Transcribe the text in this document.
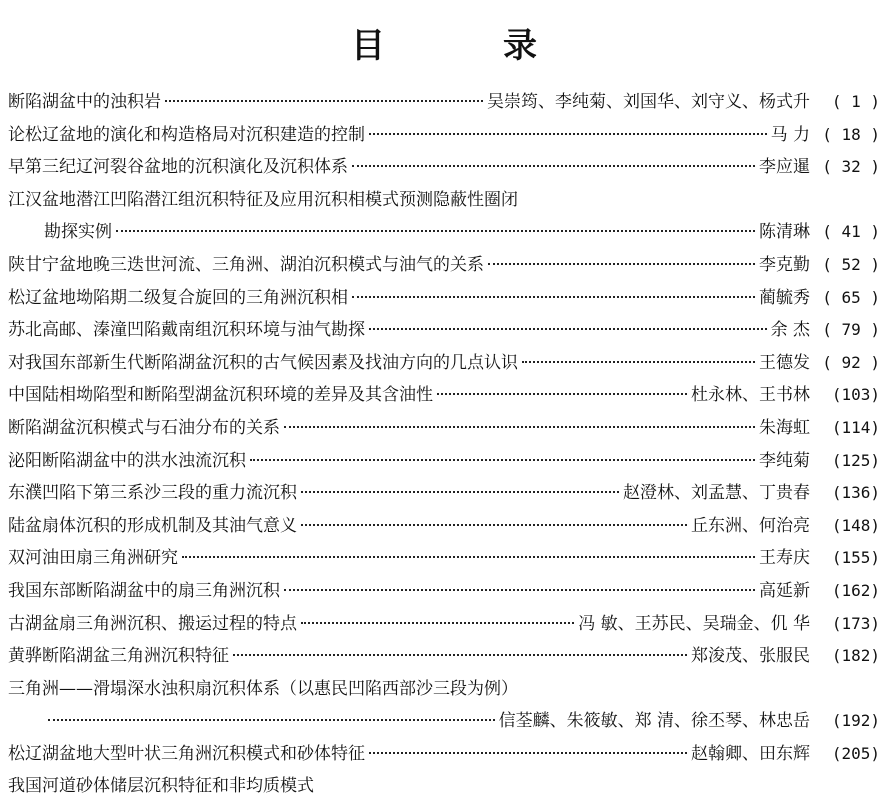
目　录
断陷湖盆中的浊积岩	吴崇筠、李纯菊、刘国华、刘守义、杨式升	( 1 )
论松辽盆地的演化和构造格局对沉积建造的控制	马 力 ( 18 )
早第三纪辽河裂谷盆地的沉积演化及沉积体系	李应暹 ( 32 )
江汉盆地潜江凹陷潜江组沉积特征及应用沉积相模式预测隐蔽性圈闭
勘探实例	陈清琳 ( 41 )
陕甘宁盆地晚三迭世河流、三角洲、湖泊沉积模式与油气的关系	李克勤 ( 52 )
松辽盆地坳陷期二级复合旋回的三角洲沉积相	蔺毓秀 ( 65 )
苏北高邮、溱潼凹陷戴南组沉积环境与油气勘探	余 杰 ( 79 )
对我国东部新生代断陷湖盆沉积的古气候因素及找油方向的几点认识	王德发 ( 92 )
中国陆相坳陷型和断陷型湖盆沉积环境的差异及其含油性	杜永林、王书林	(103)
断陷湖盆沉积模式与石油分布的关系	朱海虹	(114)
泌阳断陷湖盆中的洪水浊流沉积	李纯菊	(125)
东濮凹陷下第三系沙三段的重力流沉积	赵澄林、刘孟慧、丁贵春	(136)
陆盆扇体沉积的形成机制及其油气意义	丘东洲、何治亮	(148)
双河油田扇三角洲研究	王寿庆	(155)
我国东部断陷湖盆中的扇三角洲沉积	高延新	(162)
古湖盆扇三角洲沉积、搬运过程的特点	冯 敏、王苏民、吴瑞金、仉 华	(173)
黄骅断陷湖盆三角洲沉积特征	郑浚茂、张服民	(182)
三角洲——滑塌深水浊积扇沉积体系（以惠民凹陷西部沙三段为例）
信荃麟、朱筱敏、郑 清、徐丕琴、林忠岳	(192)
松辽湖盆地大型叶状三角洲沉积模式和砂体特征	赵翰卿、田东辉	(205)
我国河道砂体储层沉积特征和非均质模式
